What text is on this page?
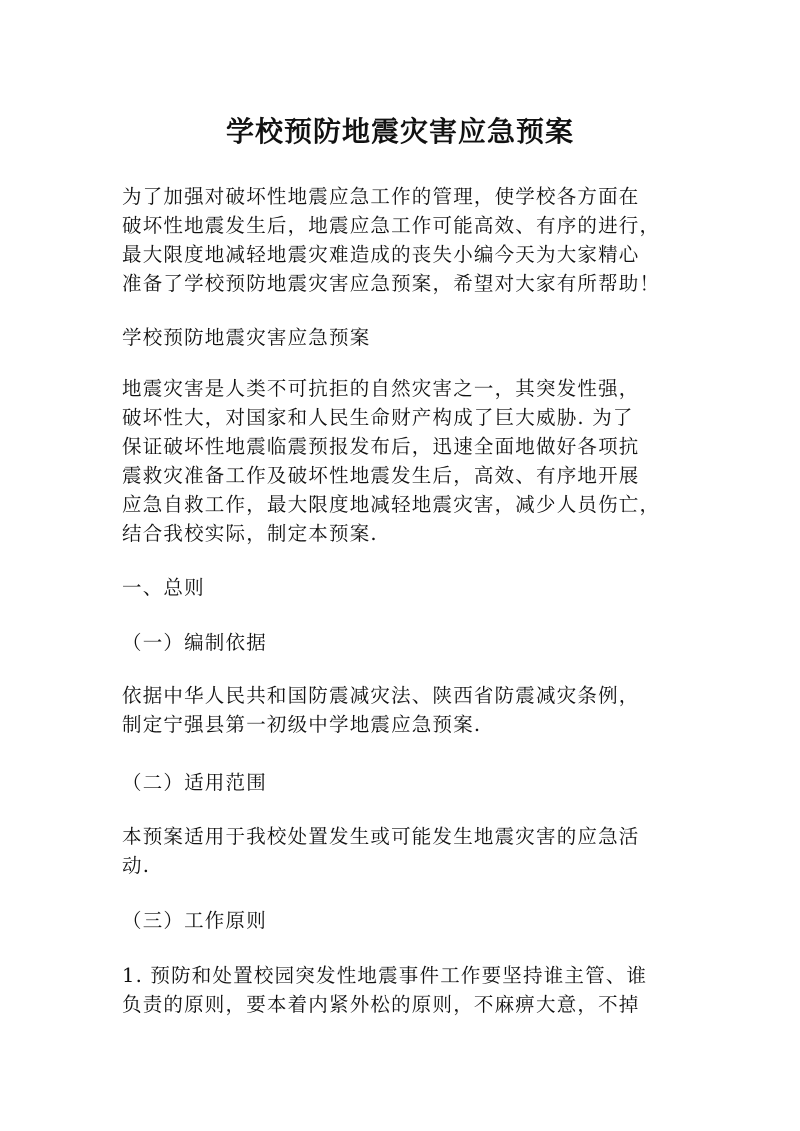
学校预防地震灾害应急预案
为了加强对破坏性地震应急工作的管理，使学校各方面在
破坏性地震发生后，地震应急工作可能高效、有序的进行，
最大限度地减轻地震灾难造成的丧失小编今天为大家精心
准备了学校预防地震灾害应急预案，希望对大家有所帮助！
学校预防地震灾害应急预案
地震灾害是人类不可抗拒的自然灾害之一，其突发性强，
破坏性大，对国家和人民生命财产构成了巨大威胁. 为了
保证破坏性地震临震预报发布后，迅速全面地做好各项抗
震救灾准备工作及破坏性地震发生后，高效、有序地开展
应急自救工作，最大限度地减轻地震灾害，减少人员伤亡，
结合我校实际，制定本预案.
一、总则
（一）编制依据
依据中华人民共和国防震减灾法、陕西省防震减灾条例，
制定宁强县第一初级中学地震应急预案.
（二）适用范围
本预案适用于我校处置发生或可能发生地震灾害的应急活
动.
（三）工作原则
1. 预防和处置校园突发性地震事件工作要坚持谁主管、谁
负责的原则，要本着内紧外松的原则，不麻痹大意，不掉
